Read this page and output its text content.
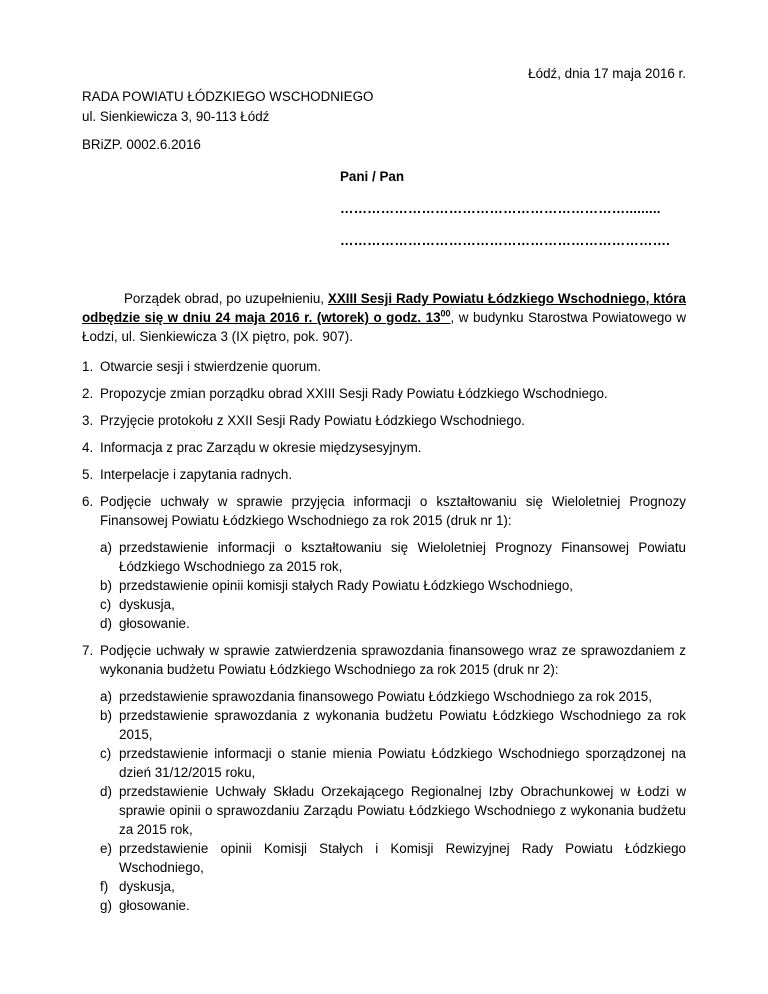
Łódź, dnia 17 maja 2016 r.
RADA POWIATU ŁÓDZKIEGO WSCHODNIEGO
ul. Sienkiewicza 3, 90-113 Łódź
BRiZP. 0002.6.2016
Pani / Pan
……………………………………………………….........
……………………………………………………………….
Porządek obrad, po uzupełnieniu, XXIII Sesji Rady Powiatu Łódzkiego Wschodniego, która odbędzie się w dniu 24 maja 2016 r. (wtorek) o godz. $13^{00}$, w budynku Starostwa Powiatowego w Łodzi, ul. Sienkiewicza 3 (IX piętro, pok. 907).
1. Otwarcie sesji i stwierdzenie quorum.
2. Propozycje zmian porządku obrad XXIII Sesji Rady Powiatu Łódzkiego Wschodniego.
3. Przyjęcie protokołu z XXII Sesji Rady Powiatu Łódzkiego Wschodniego.
4. Informacja z prac Zarządu w okresie międzysesyjnym.
5. Interpelacje i zapytania radnych.
6. Podjęcie uchwały w sprawie przyjęcia informacji o kształtowaniu się Wieloletniej Prognozy Finansowej Powiatu Łódzkiego Wschodniego za rok 2015 (druk nr 1):
a) przedstawienie informacji o kształtowaniu się Wieloletniej Prognozy Finansowej Powiatu Łódzkiego Wschodniego za 2015 rok,
b) przedstawienie opinii komisji stałych Rady Powiatu Łódzkiego Wschodniego,
c) dyskusja,
d) głosowanie.
7. Podjęcie uchwały w sprawie zatwierdzenia sprawozdania finansowego wraz ze sprawozdaniem z wykonania budżetu Powiatu Łódzkiego Wschodniego za rok 2015 (druk nr 2):
a) przedstawienie sprawozdania finansowego Powiatu Łódzkiego Wschodniego za rok 2015,
b) przedstawienie sprawozdania z wykonania budżetu Powiatu Łódzkiego Wschodniego za rok 2015,
c) przedstawienie informacji o stanie mienia Powiatu Łódzkiego Wschodniego sporządzonej na dzień 31/12/2015 roku,
d) przedstawienie Uchwały Składu Orzekającego Regionalnej Izby Obrachunkowej w Łodzi w sprawie opinii o sprawozdaniu Zarządu Powiatu Łódzkiego Wschodniego z wykonania budżetu za 2015 rok,
e) przedstawienie opinii Komisji Stałych i Komisji Rewizyjnej Rady Powiatu Łódzkiego Wschodniego,
f) dyskusja,
g) głosowanie.
